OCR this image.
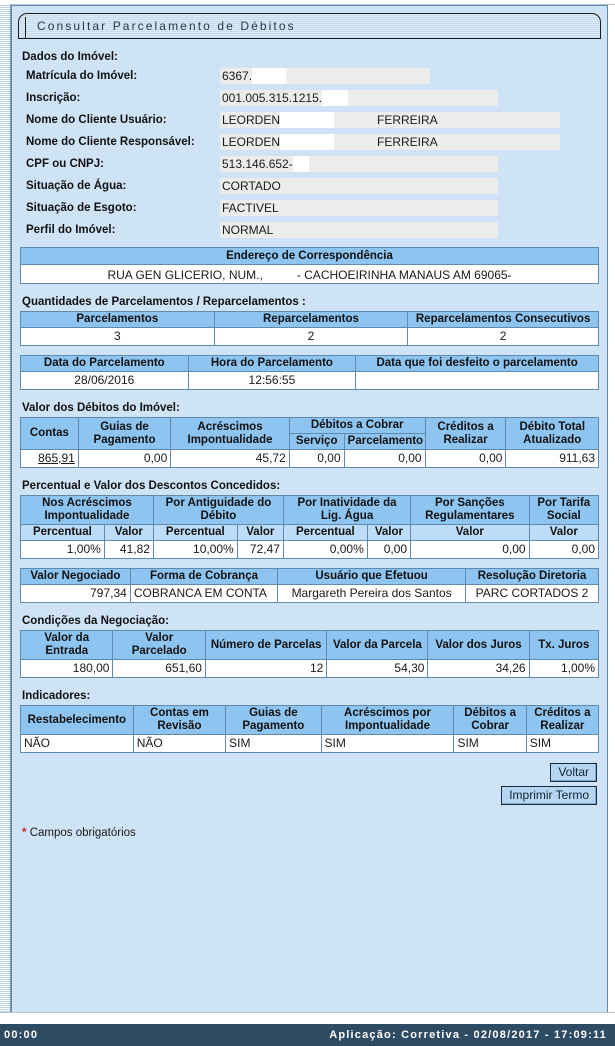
Consultar Parcelamento de Débitos
Dados do Imóvel:
Matrícula do Imóvel:	6367.
Inscrição:	001.005.315.1215.
Nome do Cliente Usuário:	LEORDEN	FERREIRA
Nome do Cliente Responsável:	LEORDEN	FERREIRA
CPF ou CNPJ:	513.146.652-
Situação de Água:	CORTADO
Situação de Esgoto:	FACTIVEL
Perfil do Imóvel:	NORMAL
Endereço de Correspondência
RUA GEN GLICERIO, NUM.,	- CACHOEIRINHA MANAUS AM 69065-
Quantidades de Parcelamentos / Reparcelamentos :
Parcelamentos	Reparcelamentos	Reparcelamentos Consecutivos
3	2	2
Data do Parcelamento	Hora do Parcelamento	Data que foi desfeito o parcelamento
28/06/2016	12:56:55	
Valor dos Débitos do Imóvel:
Contas	Guias de Pagamento	Acréscimos Impontualidade	Débitos a Cobrar		Créditos a Realizar	Débito Total Atualizado
			Serviço	Parcelamento		
865,91	0,00	45,72	0,00	0,00	0,00	911,63
Percentual e Valor dos Descontos Concedidos:
Nos Acréscimos Impontualidade		Por Antiguidade do Débito		Por Inatividade da Lig. Água		Por Sanções Regulamentares	Por Tarifa Social
Percentual	Valor	Percentual	Valor	Percentual	Valor	Valor	Valor
1,00%	41,82	10,00%	72,47	0,00%	0,00	0,00	0,00
Valor Negociado	Forma de Cobrança	Usuário que Efetuou	Resolução Diretoria
797,34	COBRANCA EM CONTA	Margareth Pereira dos Santos	PARC CORTADOS 2
Condições da Negociação:
Valor da Entrada	Valor Parcelado	Número de Parcelas	Valor da Parcela	Valor dos Juros	Tx. Juros
180,00	651,60	12	54,30	34,26	1,00%
Indicadores:
Restabelecimento	Contas em Revisão	Guias de Pagamento	Acréscimos por Impontualidade	Débitos a Cobrar	Créditos a Realizar
NÃO	NÃO	SIM	SIM	SIM	SIM
Voltar
Imprimir Termo
* Campos obrigatórios
00:00	Aplicação: Corretiva - 02/08/2017 - 17:09:11
